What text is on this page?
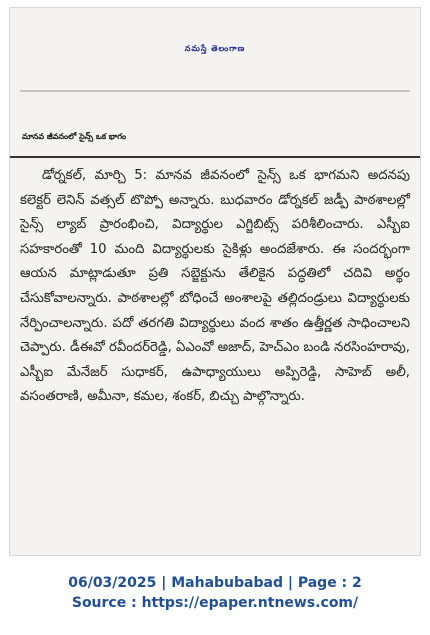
నమస్తే తెలంగాణ
మానవ జీవనంలో సైన్స్ ఒక భాగం
డోర్నకల్, మార్చి 5: మానవ జీవనంలో సైన్స్ ఒక భాగమని అదనపు కలెక్టర్ లెనిన్ వత్సల్ టొప్పో అన్నారు. బుధవారం డోర్నకల్ జడ్పీ పాఠశాలల్లో సైన్స్ ల్యాబ్ ప్రారంభించి, విద్యార్థుల ఎగ్జిబిట్స్ పరిశీలించారు. ఎస్బీఐ సహకారంతో 10 మంది విద్యార్థులకు సైకిళ్లు అందజేశారు. ఈ సందర్భంగా ఆయన మాట్లాడుతూ ప్రతి సబ్జెక్టును తేలికైన పద్ధతిలో చదివి అర్థం చేసుకోవాలన్నారు. పాఠశాలల్లో బోధించే అంశాలపై తల్లిదండ్రులు విద్యార్థులకు నేర్పించాలన్నారు. పదో తరగతి విద్యార్థులు వంద శాతం ఉత్తీర్ణత సాధించాలని చెప్పారు. డీఈవో రవీందర్‌రెడ్డి, ఏఎంవో అజాద్, హెచ్ఎం బండి నరసింహరావు, ఎస్బీఐ మేనేజర్ సుధాకర్, ఉపాధ్యాయులు అప్పిరెడ్డి, సాహెబ్ అలీ, వసంతరాణి, అమీనా, కమల, శంకర్, బిచ్చు పాల్గొన్నారు.
06/03/2025 | Mahabubabad | Page : 2
Source : https://epaper.ntnews.com/
